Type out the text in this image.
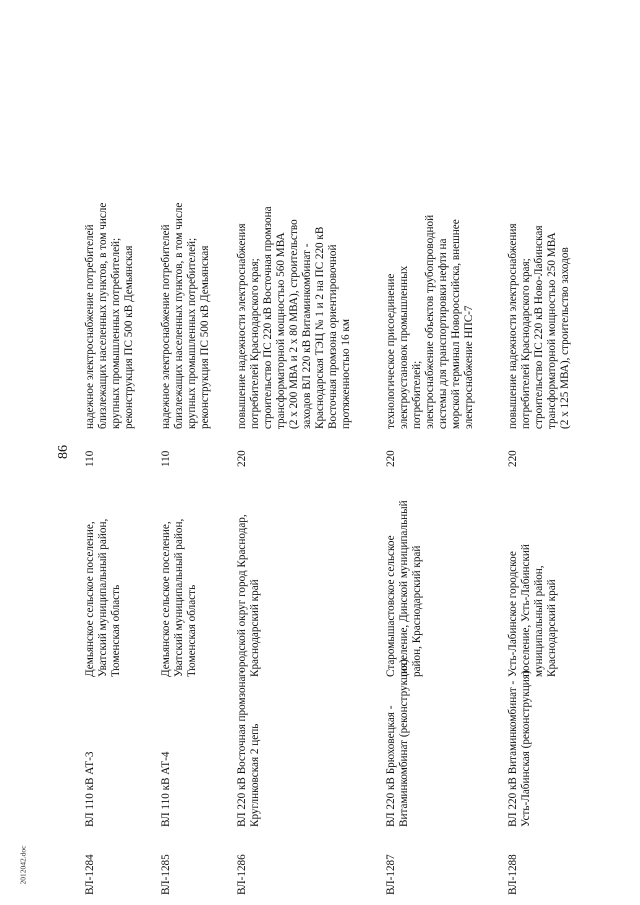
86
2012042.doc	ВЛ-1284
ВЛ 110 кВ АТ-3
Демьянское сельское поселение, Уватский муниципальный район, Тюменская область
110
надежное электроснабжение потребителей близлежащих населенных пунктов, в том числе крупных промышленных потребителей; реконструкция ПС 500 кВ Демьянская
ВЛ-1285
ВЛ 110 кВ АТ-4
Демьянское сельское поселение, Уватский муниципальный район, Тюменская область
110
надежное электроснабжение потребителей близлежащих населенных пунктов, в том числе крупных промышленных потребителей; реконструкция ПС 500 кВ Демьянская
ВЛ-1286
ВЛ 220 кВ Восточная промзона - Круглнковская 2 цепь
городской округ город Краснодар, Краснодарский край
220
повышение надежности электроснабжения потребителей Краснодарского края; строительство ПС 220 кВ Восточная промзона трансформаторной мощностью 560 МВА (2 х 200 МВА и 2 х 80 МВА), строительство заходов ВЛ 220 кВ Витаминкомбинат - Краснодарская ТЭЦ № 1 и 2 на ПС 220 кВ Восточная промзона ориентировочной протяженностью 16 км
ВЛ-1287
ВЛ 220 кВ Брюховецкая - Витаминкомбинат (реконструкция)
Старомышастовское сельское поселение, Динской муниципальный район, Краснодарский край
220
технологическое присоединение электроустановок промышленных потребителей; электроснабжение объектов трубопроводной системы для транспортировки нефти на морской терминал Новороссийска, внешнее электроснабжение НПС-7
ВЛ-1288
ВЛ 220 кВ Витаминкомбинат - Усть-Лабинская (реконструкция)
Усть-Лабинское городское поселение, Усть-Лабинский муниципальный район, Краснодарский край
220
повышение надежности электроснабжения потребителей Краснодарского края; строительство ПС 220 кВ Ново-Лабинская трансформаторной мощностью 250 МВА (2 х 125 МВА), строительство заходов
